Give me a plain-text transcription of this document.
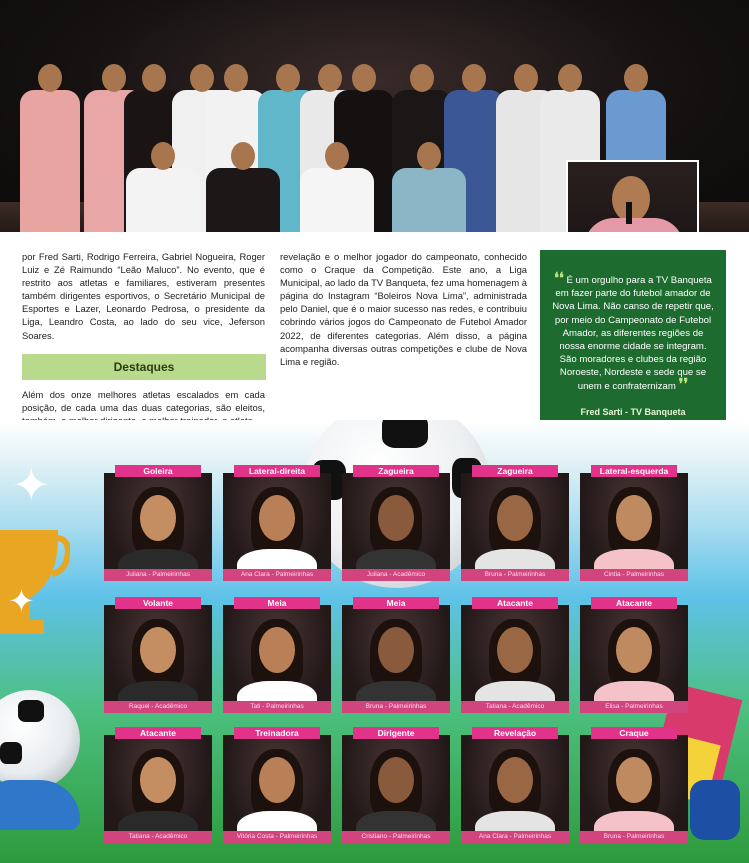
por Fred Sarti, Rodrigo Ferreira, Gabriel Nogueira, Roger Luiz e Zé Raimundo “Leão Maluco”. No evento, que é restrito aos atletas e familiares, estiveram presentes também dirigentes esportivos, o Secretário Municipal de Esportes e Lazer, Leonardo Pedrosa, o presidente da Liga, Leandro Costa, ao lado do seu vice, Jeferson Soares.
Destaques
Além dos onze melhores atletas escalados em cada posição, de cada uma das duas categorias, são eleitos,
revelação e o melhor jogador do campeonato, conhecido como o Craque da Competição. Este ano, a Liga Municipal, ao lado da TV Banqueta, fez uma homenagem à página do Instagram “Boleiros Nova Lima”, administrada pelo Daniel, que é o maior sucesso nas redes, e contribuiu cobrindo vários jogos do Campeonato de Futebol Amador 2022, de diferentes categorias. Além disso, a página acompanha diversas outras competições e clube de Nova Lima e região.
❛❛ É um orgulho para a TV Banqueta em fazer parte do futebol amador de Nova Lima. Não canso de repetir que, por meio do Campeonato de Futebol Amador, as diferentes regiões de nossa enorme cidade se integram. São moradores e clubes da região Noroeste, Nordeste e sede que se unem e confraternizam ❜❜
Fred Sarti - TV Banqueta
✦
✦
Goleira
Juliana - Palmeirinhas
Lateral-direita
Ana Clara - Palmeirinhas
Zagueira
Juliana - Acadêmico
Zagueira
Bruna - Palmeirinhas
Lateral-esquerda
Cintia - Palmeirinhas
Volante
Raquel - Acadêmico
Meia
Tati - Palmeirinhas
Meia
Bruna - Palmeirinhas
Atacante
Tatiana - Acadêmico
Atacante
Elisa - Palmeirinhas
Atacante
Tatiana - Acadêmico
Treinadora
Vitória Costa - Palmeirinhas
Dirigente
Cristiano - Palmeirinhas
Revelação
Ana Clara - Palmeirinhas
Craque
Bruna - Palmeirinhas
